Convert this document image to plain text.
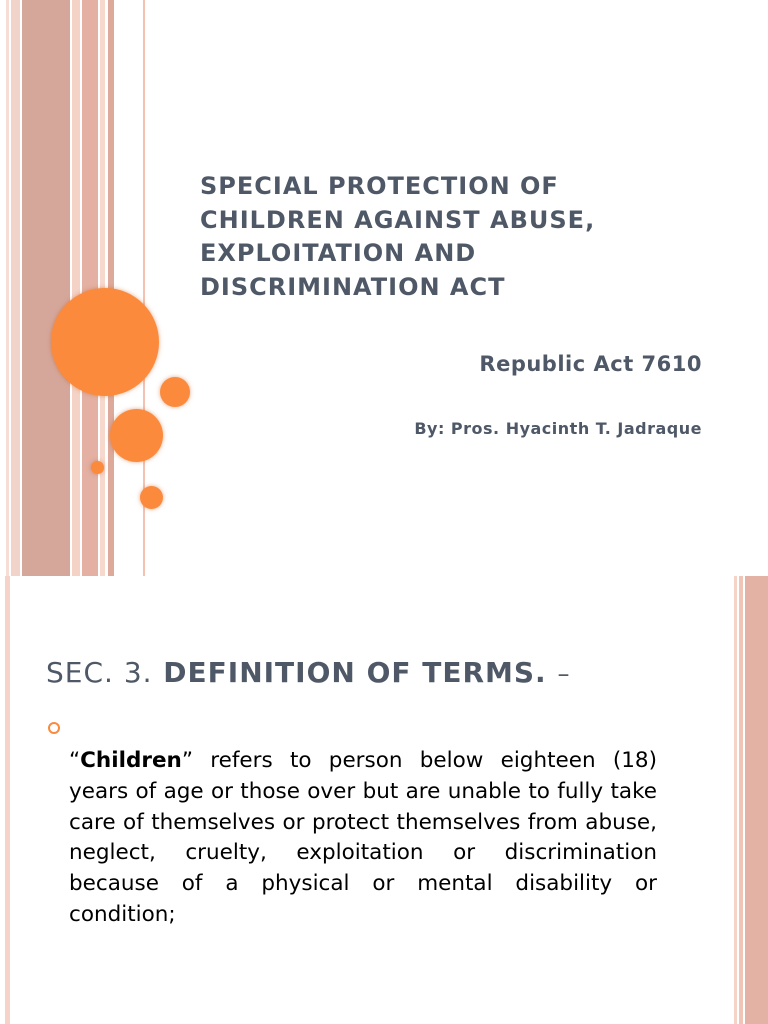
SPECIAL PROTECTION OF CHILDREN AGAINST ABUSE, EXPLOITATION AND DISCRIMINATION ACT

Republic Act 7610

By: Pros. Hyacinth T. Jadraque

SEC. 3. DEFINITION OF TERMS. –

“Children” refers to person below eighteen (18) years of age or those over but are unable to fully take care of themselves or protect themselves from abuse, neglect, cruelty, exploitation or discrimination because of a physical or mental disability or condition;
